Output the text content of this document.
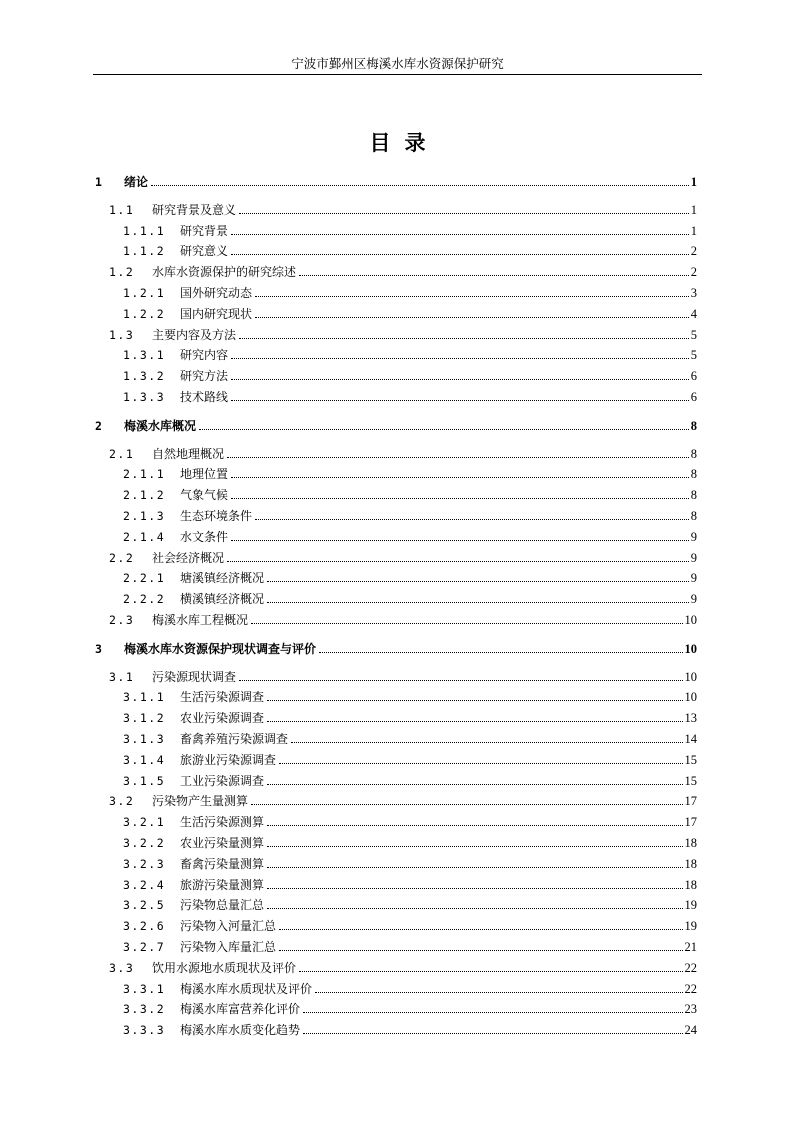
宁波市鄞州区梅溪水库水资源保护研究
目录
1	绪论	1
1.1	研究背景及意义	1
1.1.1	研究背景	1
1.1.2	研究意义	2
1.2	水库水资源保护的研究综述	2
1.2.1	国外研究动态	3
1.2.2	国内研究现状	4
1.3	主要内容及方法	5
1.3.1	研究内容	5
1.3.2	研究方法	6
1.3.3	技术路线	6
2	梅溪水库概况	8
2.1	自然地理概况	8
2.1.1	地理位置	8
2.1.2	气象气候	8
2.1.3	生态环境条件	8
2.1.4	水文条件	9
2.2	社会经济概况	9
2.2.1	塘溪镇经济概况	9
2.2.2	横溪镇经济概况	9
2.3	梅溪水库工程概况	10
3	梅溪水库水资源保护现状调查与评价	10
3.1	污染源现状调查	10
3.1.1	生活污染源调查	10
3.1.2	农业污染源调查	13
3.1.3	畜禽养殖污染源调查	14
3.1.4	旅游业污染源调查	15
3.1.5	工业污染源调查	15
3.2	污染物产生量测算	17
3.2.1	生活污染源测算	17
3.2.2	农业污染量测算	18
3.2.3	畜禽污染量测算	18
3.2.4	旅游污染量测算	18
3.2.5	污染物总量汇总	19
3.2.6	污染物入河量汇总	19
3.2.7	污染物入库量汇总	21
3.3	饮用水源地水质现状及评价	22
3.3.1	梅溪水库水质现状及评价	22
3.3.2	梅溪水库富营养化评价	23
3.3.3	梅溪水库水质变化趋势	24
